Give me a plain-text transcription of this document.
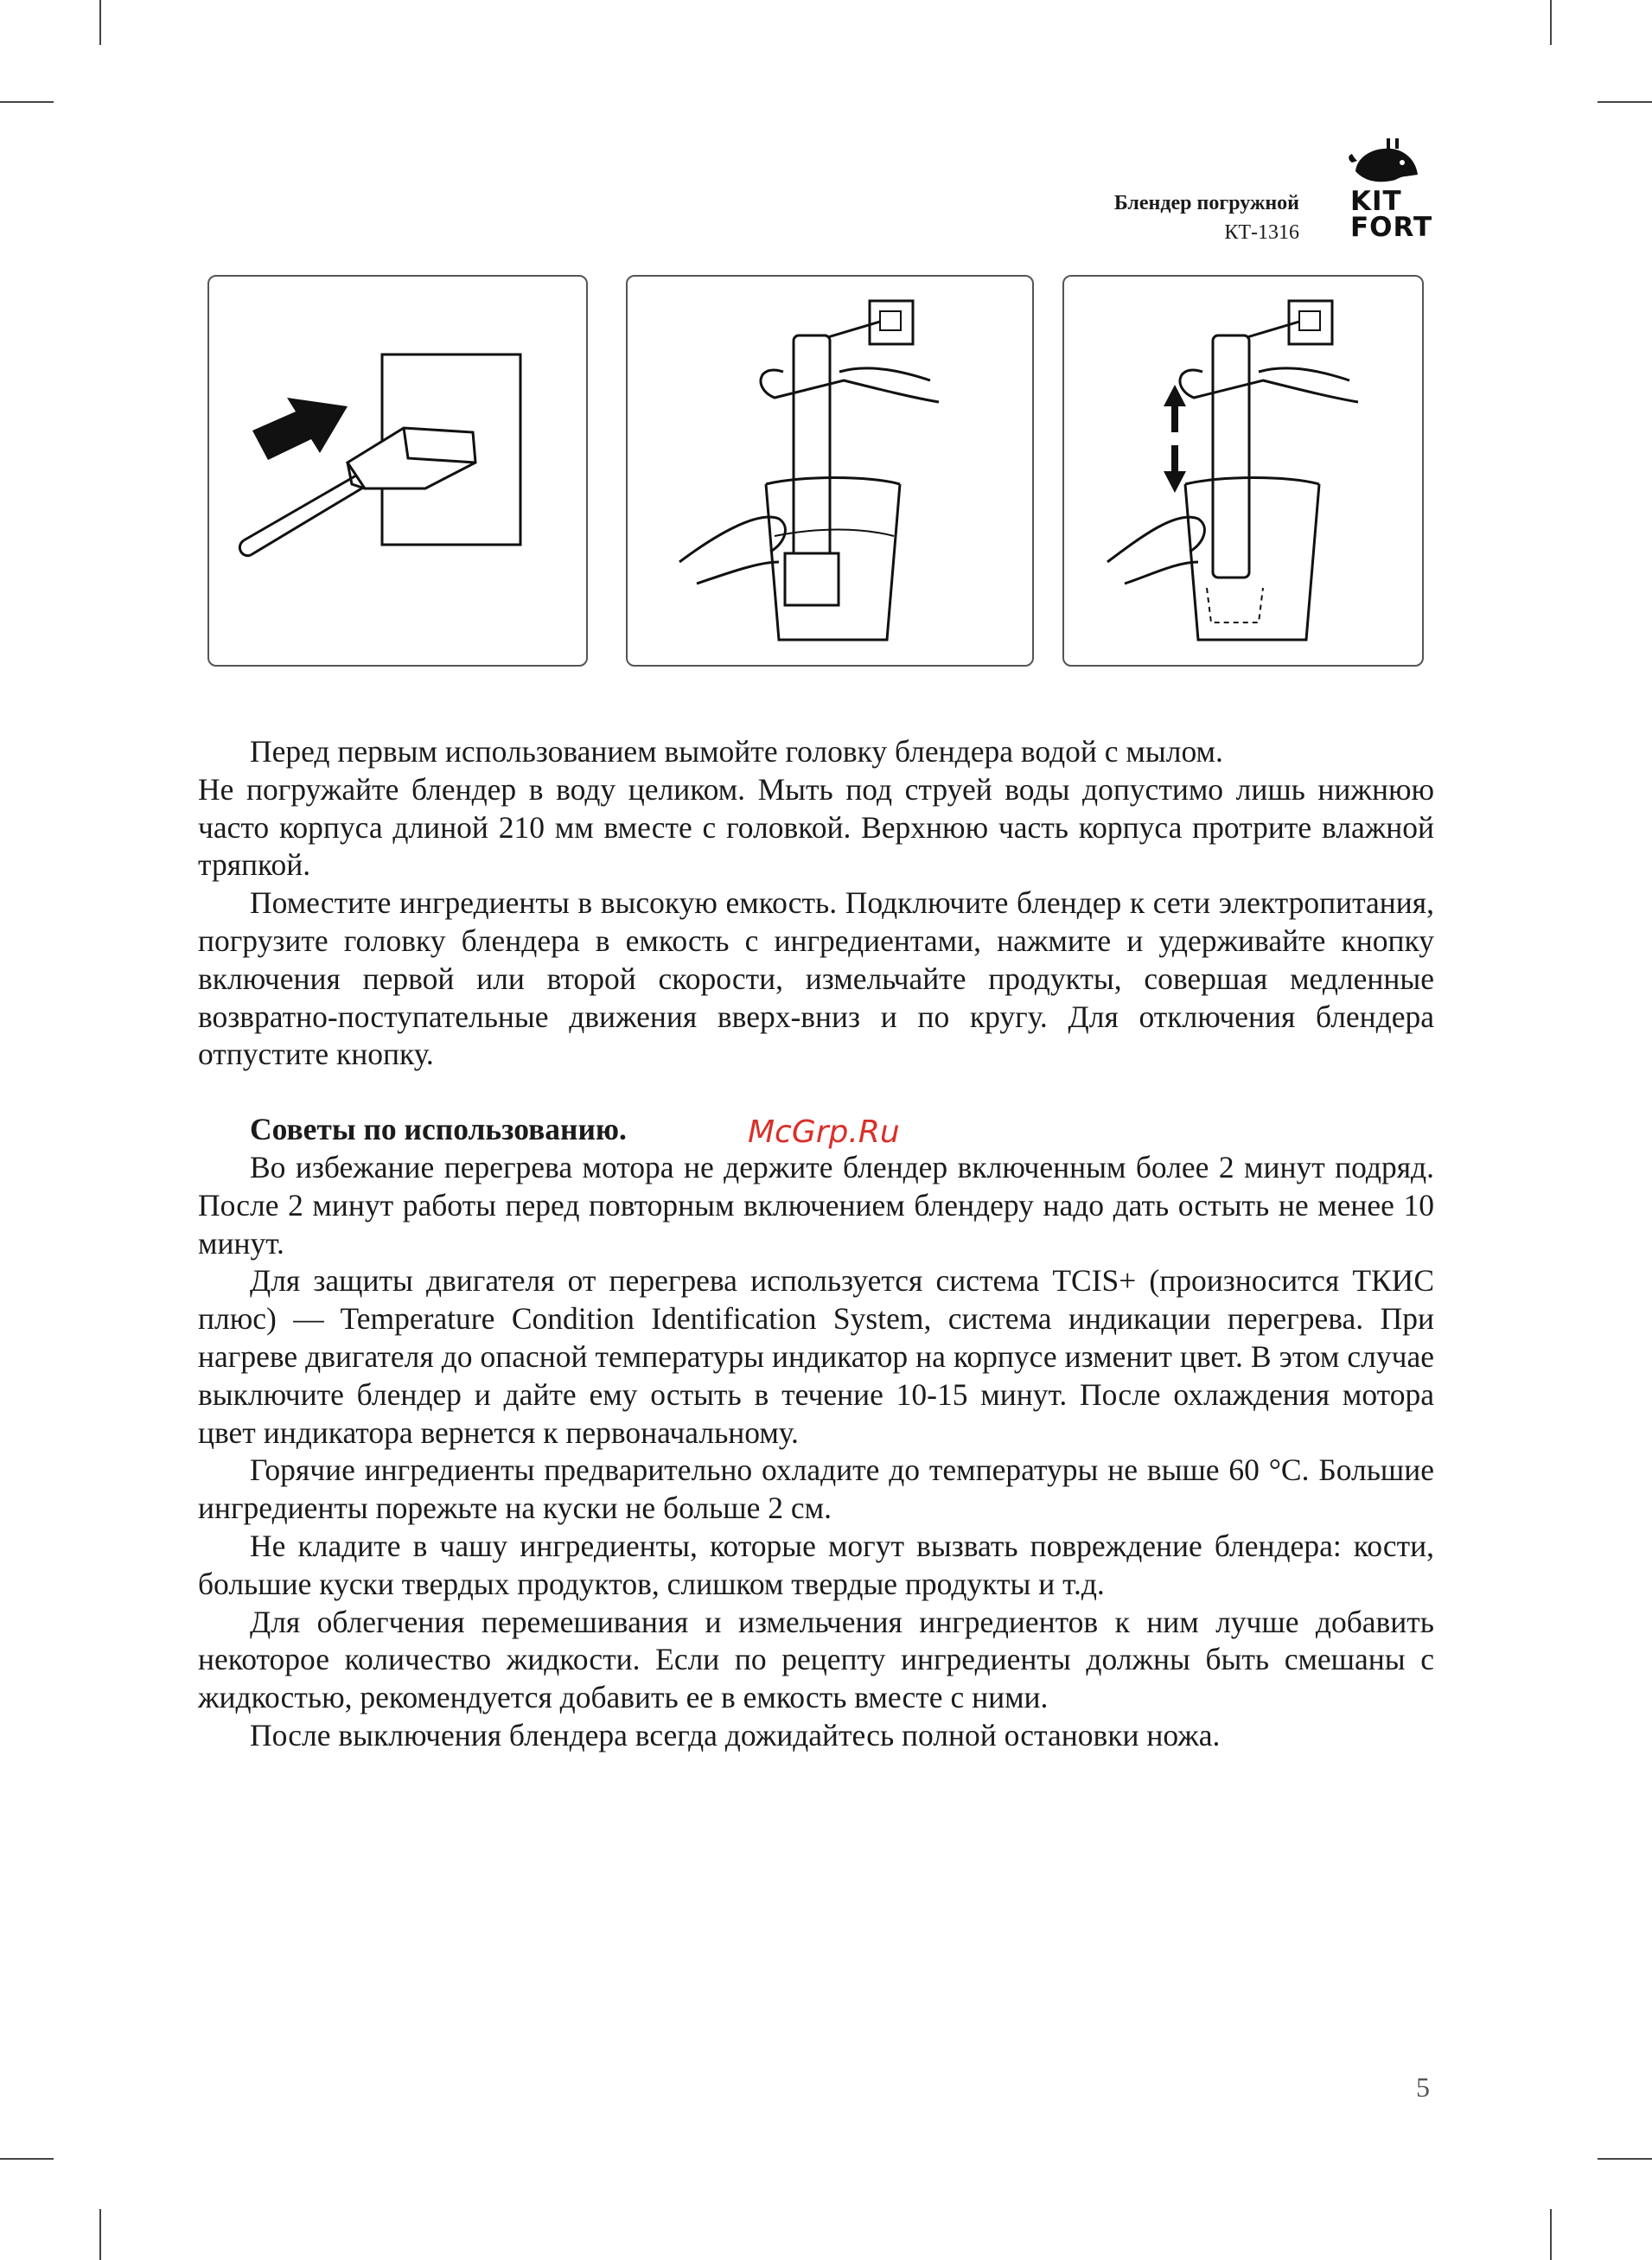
Блендер погружной
КТ-1316
KIT
FORT

Перед первым использованием вымойте головку блендера водой с мылом.

Не погружайте блендер в воду целиком. Мыть под струей воды допустимо лишь нижнюю часто корпуса длиной 210 мм вместе с головкой. Верхнюю часть корпуса протрите влажной тряпкой.

Поместите ингредиенты в высокую емкость. Подключите блендер к сети электропитания, погрузите головку блендера в емкость с ингредиентами, нажмите и удерживайте кнопку включения первой или второй скорости, измельчайте продукты, совершая медленные возвратно-поступательные движения вверх-вниз и по кругу. Для отключения блендера отпустите кнопку.

Советы по использованию.

Во избежание перегрева мотора не держите блендер включенным более 2 минут подряд. После 2 минут работы перед повторным включением блендеру надо дать остыть не менее 10 минут.

Для защиты двигателя от перегрева используется система TCIS+ (произносится ТКИС плюс) — Temperature Condition Identification System, система индикации перегрева. При нагреве двигателя до опасной температуры индикатор на корпусе изменит цвет. В этом случае выключите блендер и дайте ему остыть в течение 10-15 минут. После охлаждения мотора цвет индикатора вернется к первоначальному.

Горячие ингредиенты предварительно охладите до температуры не выше 60 °C. Большие ингредиенты порежьте на куски не больше 2 см.

Не кладите в чашу ингредиенты, которые могут вызвать повреждение блендера: кости, большие куски твердых продуктов, слишком твердые продукты и т.д.

Для облегчения перемешивания и измельчения ингредиентов к ним лучше добавить некоторое количество жидкости. Если по рецепту ингредиенты должны быть смешаны с жидкостью, рекомендуется добавить ее в емкость вместе с ними.

После выключения блендера всегда дожидайтесь полной остановки ножа.

McGrp.Ru
5
